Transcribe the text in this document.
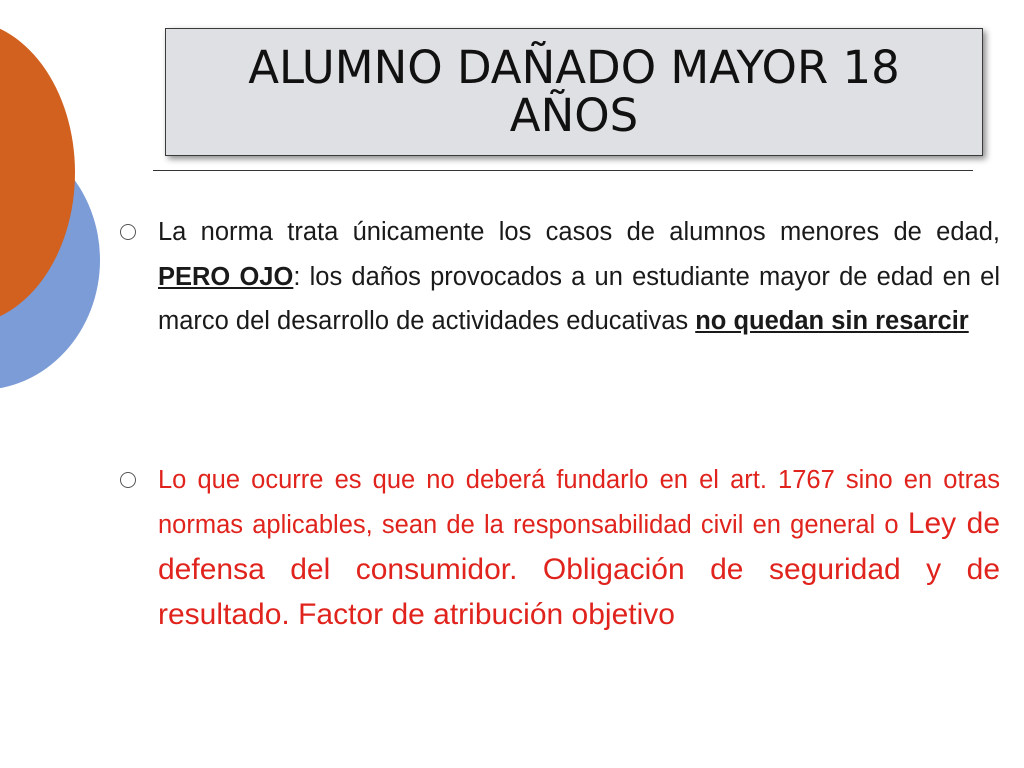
ALUMNO DAÑADO MAYOR 18 AÑOS
La norma trata únicamente los casos de alumnos menores de edad, PERO OJO: los daños provocados a un estudiante mayor de edad en el marco del desarrollo de actividades educativas no quedan sin resarcir
Lo que ocurre es que no deberá fundarlo en el art. 1767 sino en otras normas aplicables, sean de la responsabilidad civil en general o Ley de defensa del consumidor. Obligación de seguridad y de resultado. Factor de atribución objetivo
